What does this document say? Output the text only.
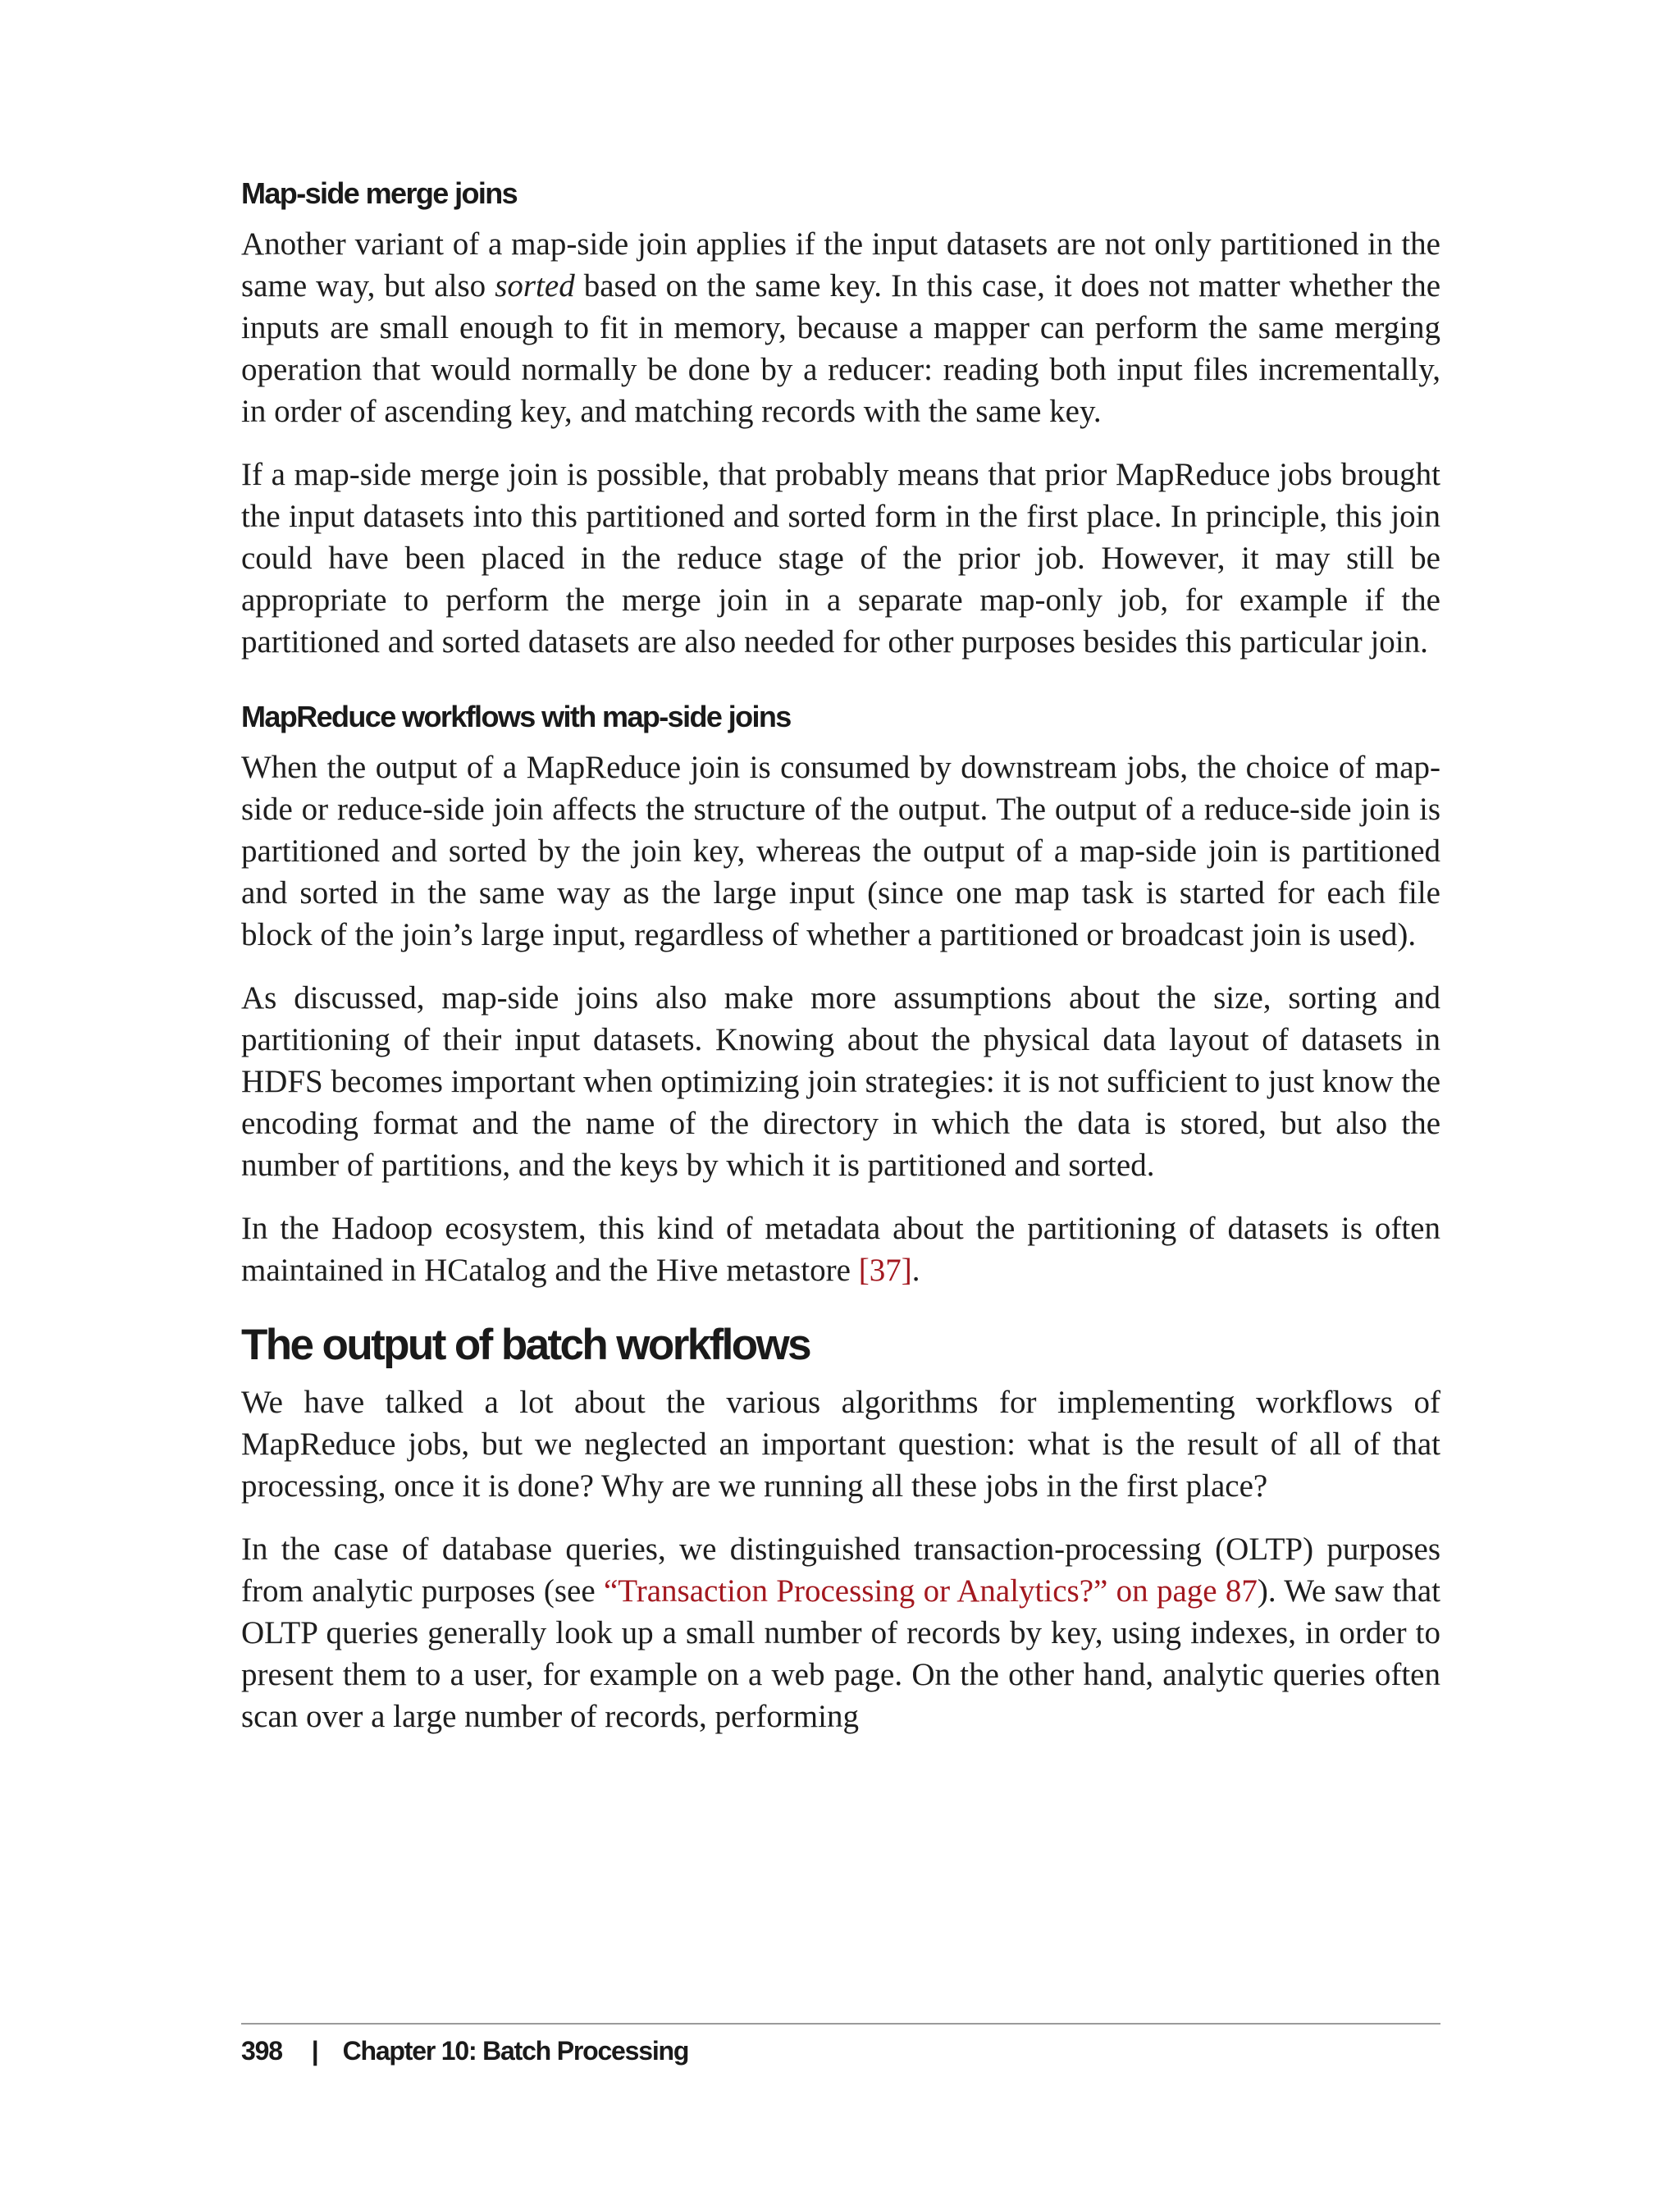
Map-side merge joins

Another variant of a map-side join applies if the input datasets are not only partitioned in the same way, but also sorted based on the same key. In this case, it does not matter whether the inputs are small enough to fit in memory, because a mapper can perform the same merging operation that would normally be done by a reducer: reading both input files incrementally, in order of ascending key, and matching records with the same key.

If a map-side merge join is possible, that probably means that prior MapReduce jobs brought the input datasets into this partitioned and sorted form in the first place. In principle, this join could have been placed in the reduce stage of the prior job. However, it may still be appropriate to perform the merge join in a separate map-only job, for example if the partitioned and sorted datasets are also needed for other purposes besides this particular join.

MapReduce workflows with map-side joins

When the output of a MapReduce join is consumed by downstream jobs, the choice of map-side or reduce-side join affects the structure of the output. The output of a reduce-side join is partitioned and sorted by the join key, whereas the output of a map-side join is partitioned and sorted in the same way as the large input (since one map task is started for each file block of the join’s large input, regardless of whether a partitioned or broadcast join is used).

As discussed, map-side joins also make more assumptions about the size, sorting and partitioning of their input datasets. Knowing about the physical data layout of datasets in HDFS becomes important when optimizing join strategies: it is not sufficient to just know the encoding format and the name of the directory in which the data is stored, but also the number of partitions, and the keys by which it is partitioned and sorted.

In the Hadoop ecosystem, this kind of metadata about the partitioning of datasets is often maintained in HCatalog and the Hive metastore [37].

The output of batch workflows

We have talked a lot about the various algorithms for implementing workflows of MapReduce jobs, but we neglected an important question: what is the result of all of that processing, once it is done? Why are we running all these jobs in the first place?

In the case of database queries, we distinguished transaction-processing (OLTP) purposes from analytic purposes (see “Transaction Processing or Analytics?” on page 87). We saw that OLTP queries generally look up a small number of records by key, using indexes, in order to present them to a user, for example on a web page. On the other hand, analytic queries often scan over a large number of records, performing

398 | Chapter 10: Batch Processing
